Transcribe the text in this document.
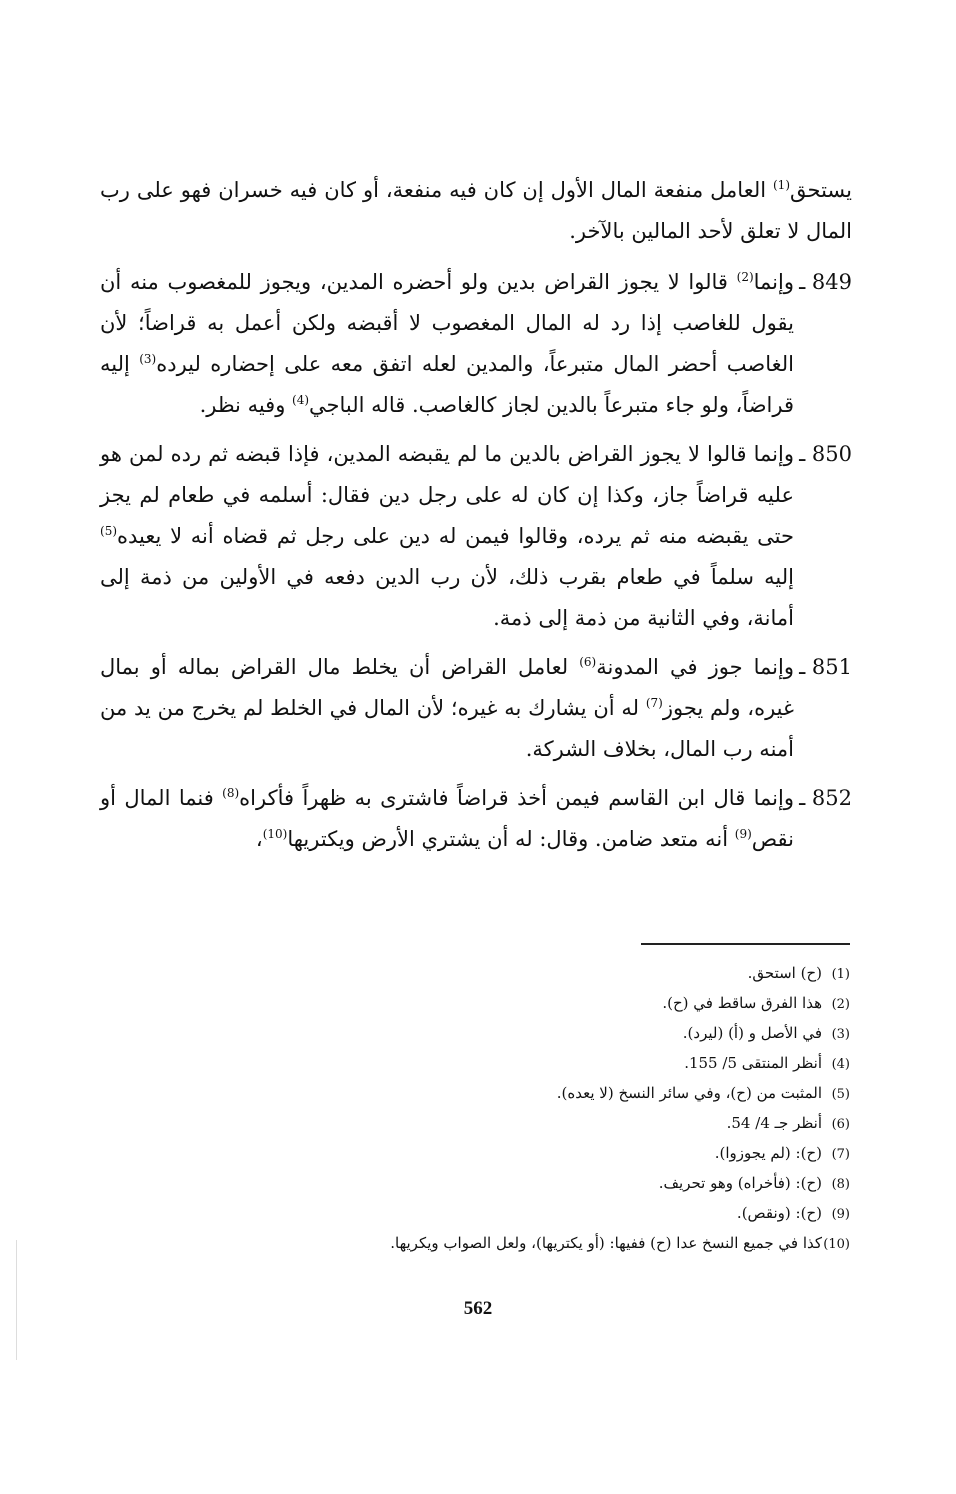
يستحق$^{(1)}$ العامل منفعة المال الأول إن كان فيه منفعة، أو كان فيه خسران فهو على رب المال لا تعلق لأحد المالين بالآخر.

849 ـ

وإنما$^{(2)}$ قالوا لا يجوز القراض بدين ولو أحضره المدين، ويجوز للمغصوب منه أن يقول للغاصب إذا رد له المال المغصوب لا أقبضه ولكن أعمل به قراضاً؛ لأن الغاصب أحضر المال متبرعاً، والمدين لعله اتفق معه على إحضاره ليرده$^{(3)}$ إليه قراضاً، ولو جاء متبرعاً بالدين لجاز كالغاصب. قاله الباجي$^{(4)}$ وفيه نظر.

850 ـ

وإنما قالوا لا يجوز القراض بالدين ما لم يقبضه المدين، فإذا قبضه ثم رده لمن هو عليه قراضاً جاز، وكذا إن كان له على رجل دين فقال: أسلمه في طعام لم يجز حتى يقبضه منه ثم يرده، وقالوا فيمن له دين على رجل ثم قضاه أنه لا يعيده$^{(5)}$ إليه سلماً في طعام بقرب ذلك، لأن رب الدين دفعه في الأولين من ذمة إلى أمانة، وفي الثانية من ذمة إلى ذمة.

851 ـ

وإنما جوز في المدونة$^{(6)}$ لعامل القراض أن يخلط مال القراض بماله أو بمال غيره، ولم يجوز$^{(7)}$ له أن يشارك به غيره؛ لأن المال في الخلط لم يخرج من يد من أمنه رب المال، بخلاف الشركة.

852 ـ

وإنما قال ابن القاسم فيمن أخذ قراضاً فاشترى به ظهراً فأكراه$^{(8)}$ فنما المال أو نقص$^{(9)}$ أنه متعد ضامن. وقال: له أن يشتري الأرض ويكتريها$^{(10)}$،

(1)(ح) استحق.
(2)هذا الفرق ساقط في (ح).
(3)في الأصل و (أ) (ليرد).
(4)أنظر المنتقى 5/ 155.
(5)المثبت من (ح)، وفي سائر النسخ (لا يعده).
(6)أنظر جـ 4/ 54.
(7)(ح): (لم يجوزوا).
(8)(ح): (فأخراه) وهو تحريف.
(9)(ح): (ونقص).
(10)كذا في جميع النسخ عدا (ح) ففيها: (أو يكتريها)، ولعل الصواب ويكريها.
562
